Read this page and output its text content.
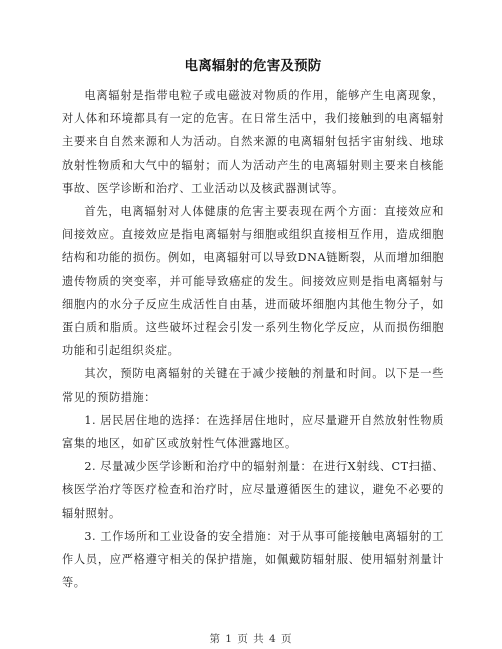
电离辐射的危害及预防

电离辐射是指带电粒子或电磁波对物质的作用，能够产生电离现象，对人体和环境都具有一定的危害。在日常生活中，我们接触到的电离辐射主要来自自然来源和人为活动。自然来源的电离辐射包括宇宙射线、地球放射性物质和大气中的辐射；而人为活动产生的电离辐射则主要来自核能事故、医学诊断和治疗、工业活动以及核武器测试等。

首先，电离辐射对人体健康的危害主要表现在两个方面：直接效应和间接效应。直接效应是指电离辐射与细胞或组织直接相互作用，造成细胞结构和功能的损伤。例如，电离辐射可以导致DNA链断裂，从而增加细胞遗传物质的突变率，并可能导致癌症的发生。间接效应则是指电离辐射与细胞内的水分子反应生成活性自由基，进而破坏细胞内其他生物分子，如蛋白质和脂质。这些破坏过程会引发一系列生物化学反应，从而损伤细胞功能和引起组织炎症。

其次，预防电离辐射的关键在于减少接触的剂量和时间。以下是一些常见的预防措施：

1. 居民居住地的选择：在选择居住地时，应尽量避开自然放射性物质富集的地区，如矿区或放射性气体泄露地区。

2. 尽量减少医学诊断和治疗中的辐射剂量：在进行X射线、CT扫描、核医学治疗等医疗检查和治疗时，应尽量遵循医生的建议，避免不必要的辐射照射。

3. 工作场所和工业设备的安全措施：对于从事可能接触电离辐射的工作人员，应严格遵守相关的保护措施，如佩戴防辐射服、使用辐射剂量计等。

第 1 页 共 4 页
